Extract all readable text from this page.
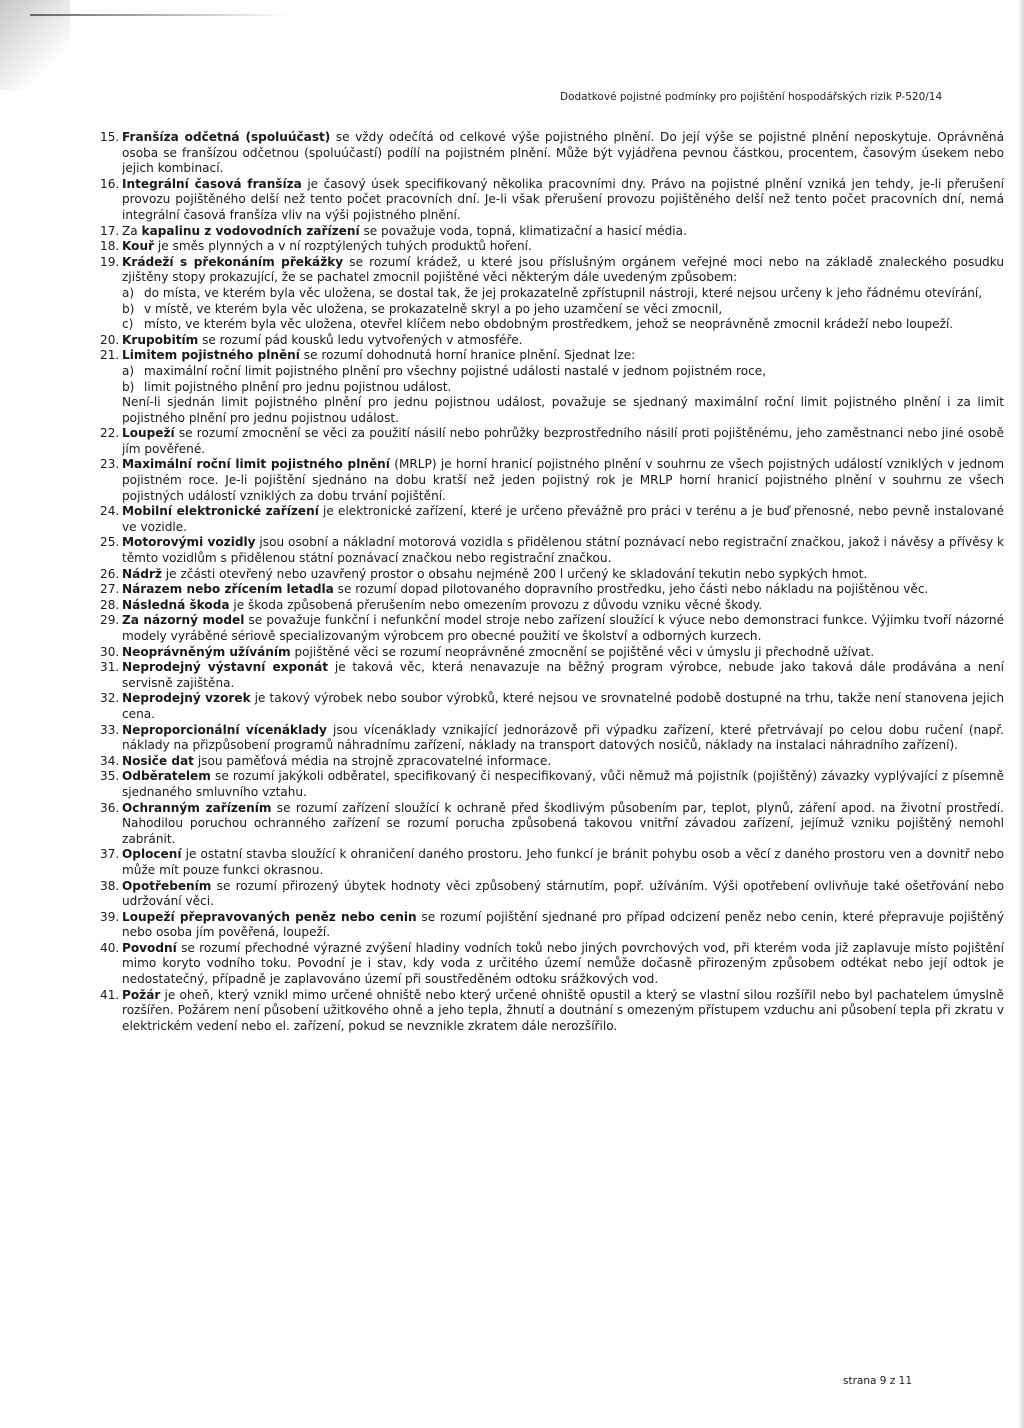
Dodatkové pojistné podmínky pro pojištění hospodářských rizik P-520/14

15. Franšíza odčetná (spoluúčast) se vždy odečítá od celkové výše pojistného plnění. Do její výše se pojistné plnění neposkytuje. Oprávněná osoba se franšízou odčetnou (spoluúčastí) podílí na pojistném plnění. Může být vyjádřena pevnou částkou, procentem, časovým úsekem nebo jejich kombinací.

16. Integrální časová franšíza je časový úsek specifikovaný několika pracovními dny. Právo na pojistné plnění vzniká jen tehdy, je-li přerušení provozu pojištěného delší než tento počet pracovních dní. Je-li však přerušení provozu pojištěného delší než tento počet pracovních dní, nemá integrální časová franšíza vliv na výši pojistného plnění.

17. Za kapalinu z vodovodních zařízení se považuje voda, topná, klimatizační a hasicí média.

18. Kouř je směs plynných a v ní rozptýlených tuhých produktů hoření.

19. Krádeží s překonáním překážky se rozumí krádež, u které jsou příslušným orgánem veřejné moci nebo na základě znaleckého posudku zjištěny stopy prokazující, že se pachatel zmocnil pojištěné věci některým dále uvedeným způsobem:

a) do místa, ve kterém byla věc uložena, se dostal tak, že jej prokazatelně zpřístupnil nástroji, které nejsou určeny k jeho řádnému otevírání,

b) v místě, ve kterém byla věc uložena, se prokazatelně skryl a po jeho uzamčení se věci zmocnil,

c) místo, ve kterém byla věc uložena, otevřel klíčem nebo obdobným prostředkem, jehož se neoprávněně zmocnil krádeží nebo loupeží.

20. Krupobitím se rozumí pád kousků ledu vytvořených v atmosféře.

21. Limitem pojistného plnění se rozumí dohodnutá horní hranice plnění. Sjednat lze:

a) maximální roční limit pojistného plnění pro všechny pojistné události nastalé v jednom pojistném roce,

b) limit pojistného plnění pro jednu pojistnou událost.

Není-li sjednán limit pojistného plnění pro jednu pojistnou událost, považuje se sjednaný maximální roční limit pojistného plnění i za limit pojistného plnění pro jednu pojistnou událost.

22. Loupeží se rozumí zmocnění se věci za použití násilí nebo pohrůžky bezprostředního násilí proti pojištěnému, jeho zaměstnanci nebo jiné osobě jím pověřené.

23. Maximální roční limit pojistného plnění (MRLP) je horní hranicí pojistného plnění v souhrnu ze všech pojistných událostí vzniklých v jednom pojistném roce. Je-li pojištění sjednáno na dobu kratší než jeden pojistný rok je MRLP horní hranicí pojistného plnění v souhrnu ze všech pojistných událostí vzniklých za dobu trvání pojištění.

24. Mobilní elektronické zařízení je elektronické zařízení, které je určeno převážně pro práci v terénu a je buď přenosné, nebo pevně instalované ve vozidle.

25. Motorovými vozidly jsou osobní a nákladní motorová vozidla s přidělenou státní poznávací nebo registrační značkou, jakož i návěsy a přívěsy k těmto vozidlům s přidělenou státní poznávací značkou nebo registrační značkou.

26. Nádrž je zčásti otevřený nebo uzavřený prostor o obsahu nejméně 200 l určený ke skladování tekutin nebo sypkých hmot.

27. Nárazem nebo zřícením letadla se rozumí dopad pilotovaného dopravního prostředku, jeho části nebo nákladu na pojištěnou věc.

28. Následná škoda je škoda způsobená přerušením nebo omezením provozu z důvodu vzniku věcné škody.

29. Za názorný model se považuje funkční i nefunkční model stroje nebo zařízení sloužící k výuce nebo demonstraci funkce. Výjimku tvoří názorné modely vyráběné sériově specializovaným výrobcem pro obecné použití ve školství a odborných kurzech.

30. Neoprávněným užíváním pojištěné věci se rozumí neoprávněné zmocnění se pojištěné věci v úmyslu ji přechodně užívat.

31. Neprodejný výstavní exponát je taková věc, která nenavazuje na běžný program výrobce, nebude jako taková dále prodávána a není servisně zajištěna.

32. Neprodejný vzorek je takový výrobek nebo soubor výrobků, které nejsou ve srovnatelné podobě dostupné na trhu, takže není stanovena jejich cena.

33. Neproporcionální vícenáklady jsou vícenáklady vznikající jednorázově při výpadku zařízení, které přetrvávají po celou dobu ručení (např. náklady na přizpůsobení programů náhradnímu zařízení, náklady na transport datových nosičů, náklady na instalaci náhradního zařízení).

34. Nosiče dat jsou paměťová média na strojně zpracovatelné informace.

35. Odběratelem se rozumí jakýkoli odběratel, specifikovaný či nespecifikovaný, vůči němuž má pojistník (pojištěný) závazky vyplývající z písemně sjednaného smluvního vztahu.

36. Ochranným zařízením se rozumí zařízení sloužící k ochraně před škodlivým působením par, teplot, plynů, záření apod. na životní prostředí. Nahodilou poruchou ochranného zařízení se rozumí porucha způsobená takovou vnitřní závadou zařízení, jejímuž vzniku pojištěný nemohl zabránit.

37. Oplocení je ostatní stavba sloužící k ohraničení daného prostoru. Jeho funkcí je bránit pohybu osob a věcí z daného prostoru ven a dovnitř nebo může mít pouze funkci okrasnou.

38. Opotřebením se rozumí přirozený úbytek hodnoty věci způsobený stárnutím, popř. užíváním. Výši opotřebení ovlivňuje také ošetřování nebo udržování věci.

39. Loupeží přepravovaných peněz nebo cenin se rozumí pojištění sjednané pro případ odcizení peněz nebo cenin, které přepravuje pojištěný nebo osoba jím pověřená, loupeží.

40. Povodní se rozumí přechodné výrazné zvýšení hladiny vodních toků nebo jiných povrchových vod, při kterém voda již zaplavuje místo pojištění mimo koryto vodního toku. Povodní je i stav, kdy voda z určitého území nemůže dočasně přirozeným způsobem odtékat nebo její odtok je nedostatečný, případně je zaplavováno území při soustředěném odtoku srážkových vod.

41. Požár je oheň, který vznikl mimo určené ohniště nebo který určené ohniště opustil a který se vlastní silou rozšířil nebo byl pachatelem úmyslně rozšířen. Požárem není působení užitkového ohně a jeho tepla, žhnutí a doutnání s omezeným přístupem vzduchu ani působení tepla při zkratu v elektrickém vedení nebo el. zařízení, pokud se nevznikle zkratem dále nerozšířilo.

strana 9 z 11
